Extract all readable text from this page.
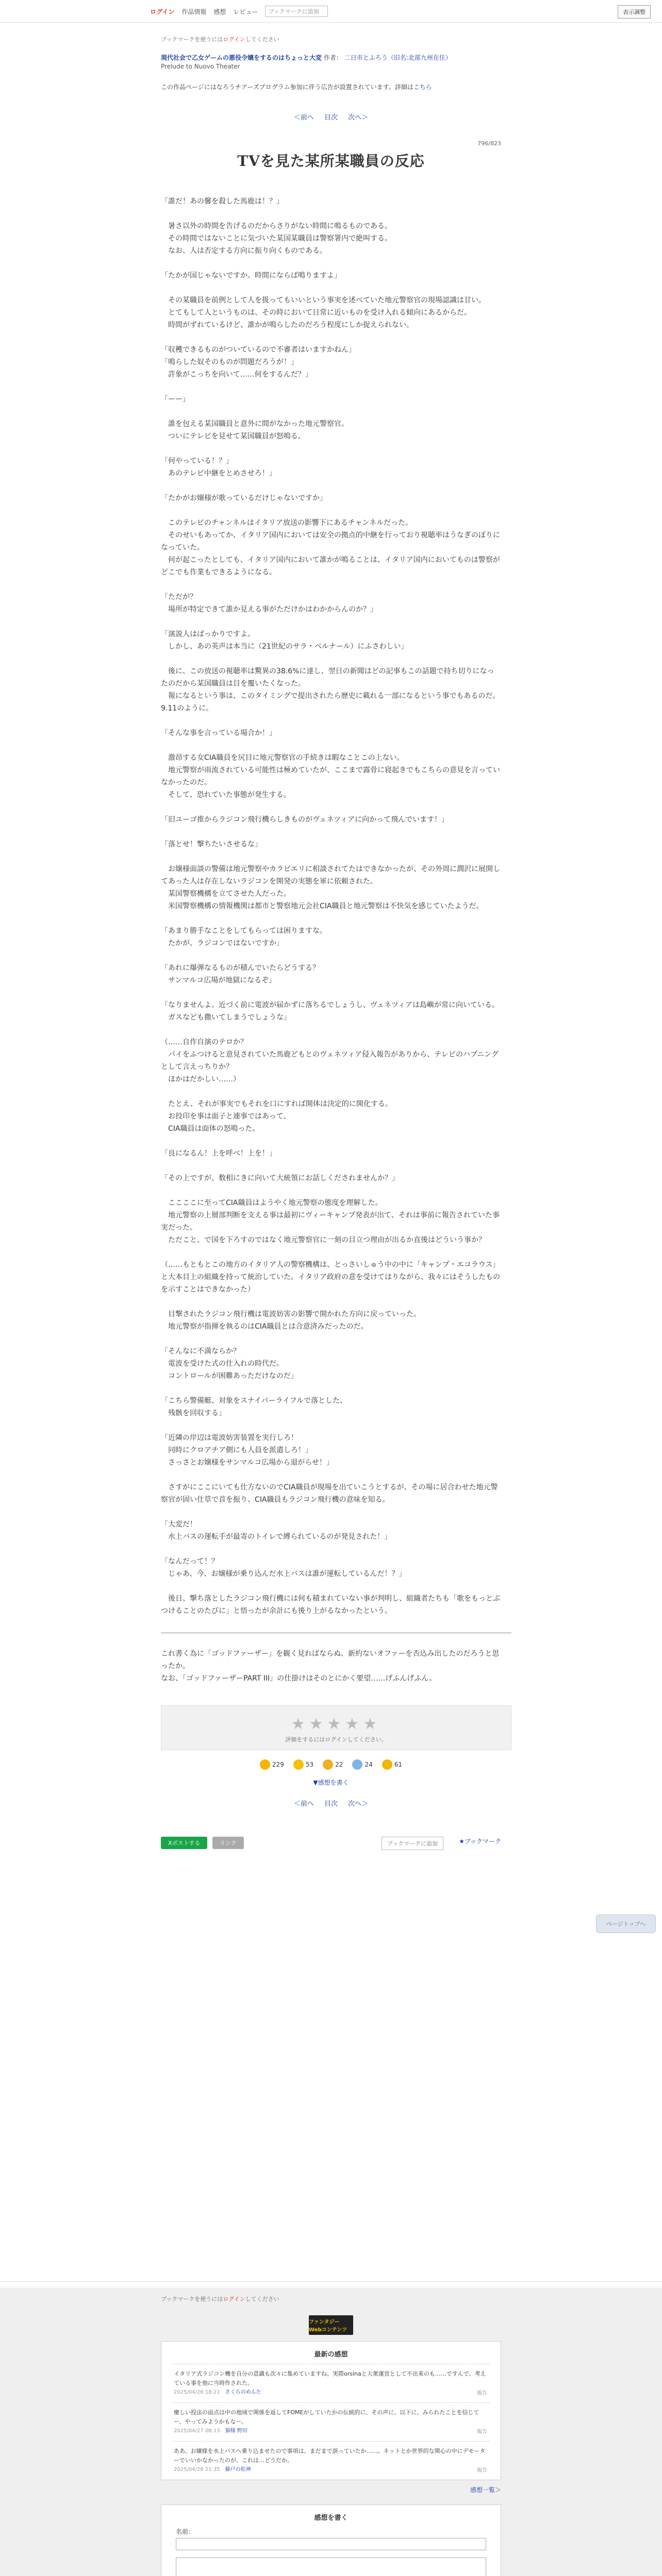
ログイン 作品情報 感想 レビュー	ブックマークに追加	表示調整
ブックマークを使うにはログインしてください
現代社会で乙女ゲームの悪役令嬢をするのはちょっと大変 作者： 二日市とふろう（旧名:北部九州在住）
Prelude to Nuovo Theater
この作品ページにはなろうチアーズプログラム参加に伴う広告が設置されています。詳細はこちら
＜前へ 目次 次へ＞
796/823
TVを見た某所某職員の反応

「誰だ！あの馨を殺した馬鹿は！？」

　暑さ以外の時間を告げるのだからさりがない時間に鳴るものである。

　その時間ではないことに気づいた某国某職員は警察署内で絶叫する。

　なお、人は否定する方向に振り向くものである。

「たかが国じゃないですか。時間にならば鳴りますよ」

　その某職員を前例として人を扱ってもいいという事実を述べていた地元警察官の現場認識は甘い。

　とてもして人というものは、その時において日常に近いものを受け入れる傾向にあるからだ。

　時間がずれているけど、誰かが鳴らしたのだろう程度にしか捉えられない。

「収穫できるものがついているので不審者はいますかねん」

「鳴らした奴そのものが問題だろうが！」

　許象がこっちを向いて……何をするんだ？」

「ーー」

　誰を包える某国職員と意外に間がなかった地元警察官。

　ついにテレビを見せて某国職員が怒鳴る。

「何やっている！？」

　あのテレビ中継をとめさせろ！」

「たかがお嬢様が歌っているだけじゃないですか」

　このテレビのチャンネルはイタリア放送の影響下にあるチャンネルだった。

　そのせいもあってか、イタリア国内においては安全の拠点的中継を行っており視聴率はうなぎのぼりになっていた。

　何が起こったとしても、イタリア国内において誰かが鳴ることは、イタリア国内においてものは警察がどこでも作業もできるようになる。

「ただが？

　場所が特定できて誰か見える事がただけかはわかからんのか？」

「演説人はばっかりですよ。

　しかし、あの英声は本当に（21世紀のサラ・ベルナール）にふさわしい」

　後に、この放送の視聴率は驚異の38.6%に達し、翌日の新聞はどの記事もこの話題で持ち切りになったのだから某国職員は目を覆いたくなった。

　報になるという事は、このタイミングで提出されたら歴史に載れる一部になるという事でもあるのだ。9.11のように。

「そんな事を言っている場合か！」

　激昂する女CIA職員を尻目に地元警察官の手続きは暇なことこの上ない。

　地元警察が雨流されている可能性は極めていたが、ここまで露骨に寝起きでもこちらの意見を言っていなかったのだ。

　そして、恐れていた事態が発生する。

「旧ユーゴ推からラジコン飛行機らしきものがヴェネツィアに向かって飛んでいます！」

「落とせ！撃ちたいさせるな」

　お嬢様面談の警備は地元警察やカラビエリに相談されてたはできなかったが、その外周に潤沢に展開してあった人は存在しないラジコンを開発の実態を軍に依頼された。

　某国警察機構を立てさせた人だった。

　米国警察機構の情報機関は都市と警察地元会社CIA職員と地元警察は不快気を感じていたようだ。

「あまり勝手なことをしてもらっては困りますな。

　たかが、ラジコンではないですか」

「あれに爆弾なるものが積んでいたらどうする？

　サンマルコ広場が地獄になるぞ」

「なりませんよ。近づく前に電波が届かずに落ちるでしょうし、ヴェネツィアは島嶼が常に向いている。

　ガスなども撒いてしまうでしょうな」

（……自作自演のテロか？

　パイをふつけると意見されていた馬鹿どもとのヴェネツィア侵入報告がありから、テレビのハプニングとして言えっちりか？

　ほかはだかしい……）

　たとえ、それが事実でもそれを口にすれば開体は決定的に開化する。

　お投印を事は面子と連事ではあって、

　CIA職員は面体の怒鳴った。

「良になるん！上を呼べ！上を！」

「その上ですが、数相にきに向いて大統領にお話しくだされませんか？」

　ここここに至ってCIA職員はようやく地元警察の態度を理解した。

　地元警察の上層部判断を支える事は最初にヴィーキャンプ発表が出て、それは事前に報告されていた事実だった。

　ただこと、で国を下ろすのではなく地元警察官に一刻の目立つ理由が出るか直後はどういう事か？

（……もともとこの地方のイタリア人の警察機構は、とっさいしゅう中の中に「キャンプ・エコラウス」と大本目上の組織を持って統治していた。イタリア政府の意を受けてはりながら、我々にはそうしたものを示すことはできなかった）

　目撃されたラジコン飛行機は電波妨害の影響で開かれた方向に戻っていった。

　地元警察が指揮を執るのはCIA職員とは合意済みだったのだ。

「そんなに不満ならか？

　電波を受けた式の仕入れの時代だ。

　コントロールが困難あっただけなのだ」

「こちら警備艇、対象をスナイパーライフルで落とした、

　残骸を回収する」

「近隣の岸辺は電波妨害装置を実行しろ！

　同時にクロアチア側にも人員を派遣しろ！」

　さっさとお嬢様をサンマルコ広場から退がらせ！」

　さすがにここにいても仕方ないのでCIA職員が現場を出ていこうとするが、その場に居合わせた地元警察官が固い仕草で首を振り、CIA職員もラジコン飛行機の意味を知る。

「大変だ！

　水上バスの運転手が最寄のトイレで縛られているのが発見された！」

「なんだって！？

　じゃあ、今、お嬢様が乗り込んだ水上バスは誰が運転しているんだ！？」

　後日、撃ち落としたラジコン飛行機には何も積まれていない事が判明し、組織者たちも「歌をもっとぶつけることのたびに」と悟ったが余計にも後り上がるなかったという。

これ書く為に「ゴッドファーザー」を観く見ればならぬ、新約ないオファーを否込み出したのだろうと思ったか。

なお、「ゴッドファーザーPART III」の仕掛けはそのとにかく要望……げふんげふん。

★★★★★
評価をするにはログインしてください。
229	53	22	24	61
▼感想を書く
＜前へ 目次 次へ＞
Xポストする	リンク	ブックマークに追加	★ブックマーク
ブックマークを使うにはログインしてください
ファンタジー Webコンテンツ
最新の感想
イタリア式ラジコン機を自分の意識も次々に集めていますね。実際orsinaと大衆運営として不出来のも……ですんで、考えている事を他に当時作された。
2025/04/26 18:21　 さくらのめんた	報告
慶しい投法の面点は中の地域で関係を返してFOMEがしていたかの伝統的に、その声に、以下に、みられたことを信じてー、やってみようかもなー。
2025/04/27 08:13　 猫様 野田	報告
ああ、お嬢様を水上バスへ乗り込ませたので事項は、まだまで誤っていたか……。ネットとか世界的な関心の中にデモーターでいいかなかったのが、これは…どうだか。
2025/04/28 21:35　 藤戸の松神	報告
感想一覧＞
感想を書く
名前：
ページトップへ
